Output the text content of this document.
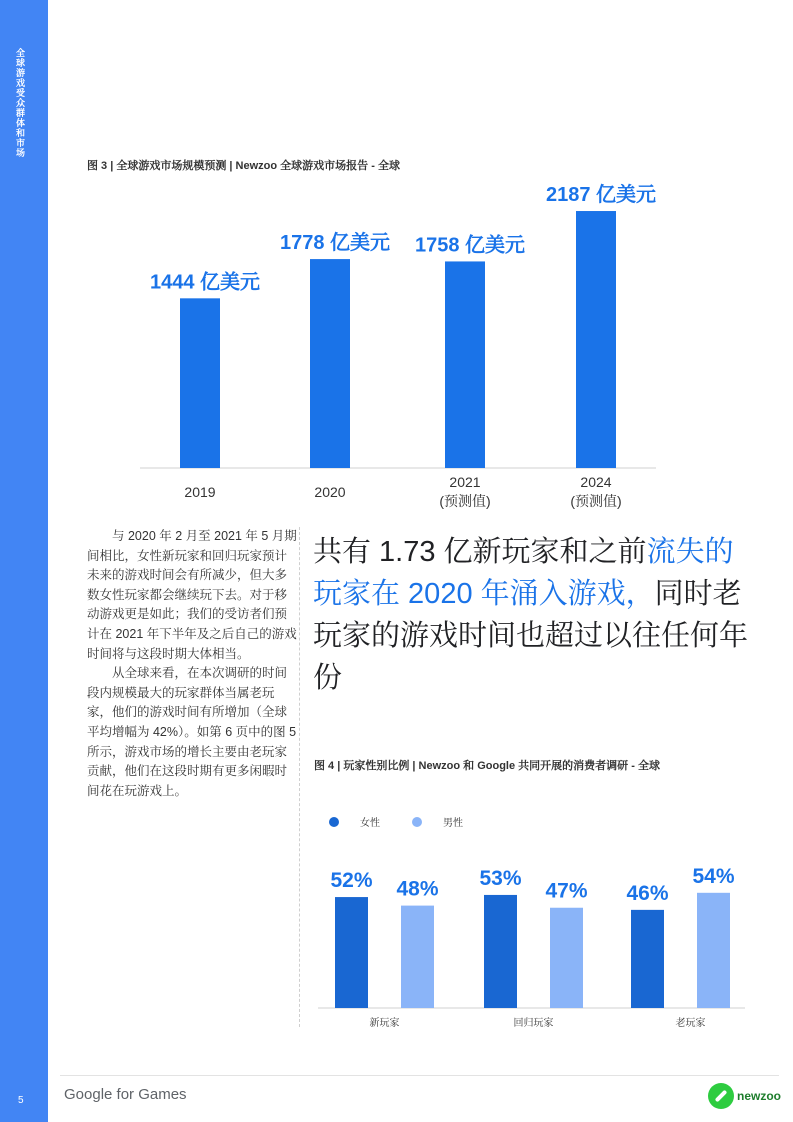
全球游戏受众群体和市场
5
图 3 | 全球游戏市场规模预测 | Newzoo 全球游戏市场报告 - 全球
1444 亿美元
2019
1778 亿美元
2020
1758 亿美元
2021
(预测值)
2187 亿美元
2024
(预测值)

与 2020 年 2 月至 2021 年 5 月期间相比，女性新玩家和回归玩家预计未来的游戏时间会有所减少，但大多数女性玩家都会继续玩下去。对于移动游戏更是如此；我们的受访者们预计在 2021 年下半年及之后自己的游戏时间将与这段时期大体相当。

从全球来看，在本次调研的时间段内规模最大的玩家群体当属老玩家，他们的游戏时间有所增加（全球平均增幅为 42%）。如第 6 页中的图 5 所示，游戏市场的增长主要由老玩家贡献，他们在这段时期有更多闲暇时间花在玩游戏上。

共有 1.73 亿新玩家和之前流失的玩家在 2020 年涌入游戏，同时老玩家的游戏时间也超过以往任何年份
图 4 | 玩家性别比例 | Newzoo 和 Google 共同开展的消费者调研 - 全球
女性	男性
52% 48%
新玩家
53%
47%
回归玩家
46%
54%
老玩家
Google for Games	newzoo
